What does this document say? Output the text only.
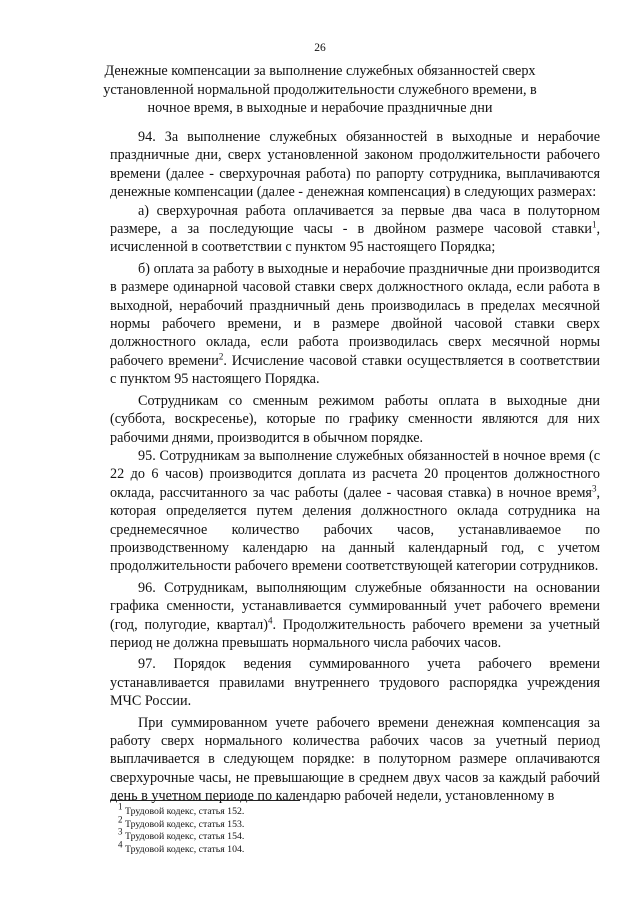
26
Денежные компенсации за выполнение служебных обязанностей сверх установленной нормальной продолжительности служебного времени, в ночное время, в выходные и нерабочие праздничные дни

94. За выполнение служебных обязанностей в выходные и нерабочие праздничные дни, сверх установленной законом продолжительности рабочего времени (далее - сверхурочная работа) по рапорту сотрудника, выплачиваются денежные компенсации (далее - денежная компенсация) в следующих размерах:

а) сверхурочная работа оплачивается за первые два часа в полуторном размере, а за последующие часы - в двойном размере часовой ставки$^1$, исчисленной в соответствии с пунктом 95 настоящего Порядка;

б) оплата за работу в выходные и нерабочие праздничные дни производится в размере одинарной часовой ставки сверх должностного оклада, если работа в выходной, нерабочий праздничный день производилась в пределах месячной нормы рабочего времени, и в размере двойной часовой ставки сверх должностного оклада, если работа производилась сверх месячной нормы рабочего времени$^2$. Исчисление часовой ставки осуществляется в соответствии с пунктом 95 настоящего Порядка.

Сотрудникам со сменным режимом работы оплата в выходные дни (суббота, воскресенье), которые по графику сменности являются для них рабочими днями, производится в обычном порядке.

95. Сотрудникам за выполнение служебных обязанностей в ночное время (с 22 до 6 часов) производится доплата из расчета 20 процентов должностного оклада, рассчитанного за час работы (далее - часовая ставка) в ночное время$^3$, которая определяется путем деления должностного оклада сотрудника на среднемесячное количество рабочих часов, устанавливаемое по производственному календарю на данный календарный год, с учетом продолжительности рабочего времени соответствующей категории сотрудников.

96. Сотрудникам, выполняющим служебные обязанности на основании графика сменности, устанавливается суммированный учет рабочего времени (год, полугодие, квартал)$^4$. Продолжительность рабочего времени за учетный период не должна превышать нормального числа рабочих часов.

97. Порядок ведения суммированного учета рабочего времени устанавливается правилами внутреннего трудового распорядка учреждения МЧС России.

При суммированном учете рабочего времени денежная компенсация за работу сверх нормального количества рабочих часов за учетный период выплачивается в следующем порядке: в полуторном размере оплачиваются сверхурочные часы, не превышающие в среднем двух часов за каждый рабочий день в учетном периоде по календарю рабочей недели, установленному в

$^1$ Трудовой кодекс, статья 152.
$^2$ Трудовой кодекс, статья 153.
$^3$ Трудовой кодекс, статья 154.
$^4$ Трудовой кодекс, статья 104.
